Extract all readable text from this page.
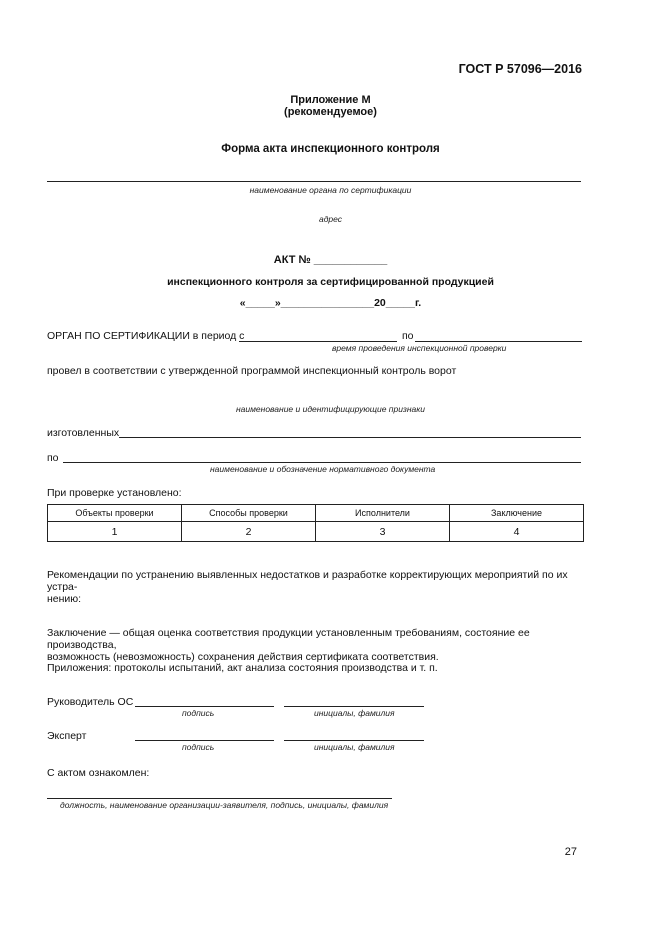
ГОСТ Р 57096—2016
Приложение М
(рекомендуемое)
Форма акта инспекционного контроля
наименование органа по сертификации
адрес
АКТ № ____________
инспекционного контроля за сертифицированной продукцией
«_____»________________20_____г.
ОРГАН ПО СЕРТИФИКАЦИИ в период с	по
время проведения инспекционной проверки
провел в соответствии с утвержденной программой инспекционный контроль ворот
наименование и идентифицирующие признаки
изготовленных
по
наименование и обозначение нормативного документа
При проверке установлено:
Объекты проверки	Способы проверки	Исполнители	Заключение
1	2	3	4
Рекомендации по устранению выявленных недостатков и разработке корректирующих мероприятий по их устра-
нению:
Заключение — общая оценка соответствия продукции установленным требованиям, состояние ее производства,
возможность (невозможность) сохранения действия сертификата соответствия.
Приложения: протоколы испытаний, акт анализа состояния производства и т. п.
Руководитель ОС
подпись	инициалы, фамилия
Эксперт
подпись	инициалы, фамилия
С актом ознакомлен:
должность, наименование организации-заявителя, подпись, инициалы, фамилия
27
